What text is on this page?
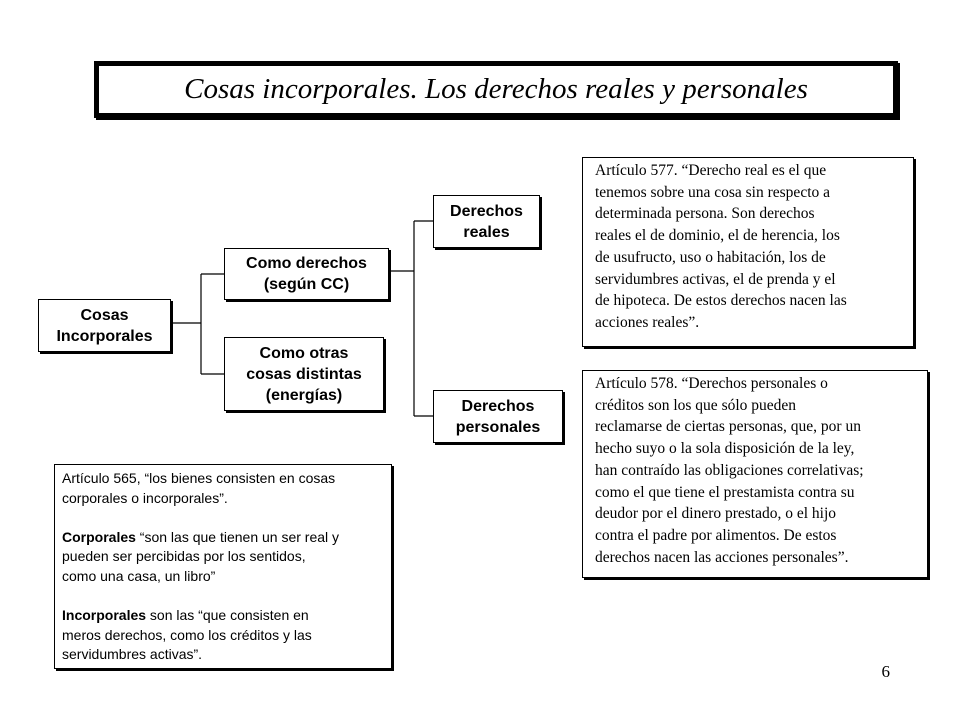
Cosas incorporales. Los derechos reales y personales
Cosas
Incorporales
Como derechos
(según CC)
Como otras
cosas distintas
(energías)
Derechos
reales
Derechos
personales
Artículo 577. “Derecho real es el que
tenemos sobre una cosa sin respecto a
determinada persona. Son derechos
reales el de dominio, el de herencia, los
de usufructo, uso o habitación, los de
servidumbres activas, el de prenda y el
de hipoteca. De estos derechos nacen las
acciones reales”.
Artículo 578. “Derechos personales o
créditos son los que sólo pueden
reclamarse de ciertas personas, que, por un
hecho suyo o la sola disposición de la ley,
han contraído las obligaciones correlativas;
como el que tiene el prestamista contra su
deudor por el dinero prestado, o el hijo
contra el padre por alimentos. De estos
derechos nacen las acciones personales”.
Artículo 565, “los bienes consisten en cosas
corporales o incorporales”.
Corporales “son las que tienen un ser real y
pueden ser percibidas por los sentidos,
como una casa, un libro”
Incorporales son las “que consisten en
meros derechos, como los créditos y las
servidumbres activas”.
6
